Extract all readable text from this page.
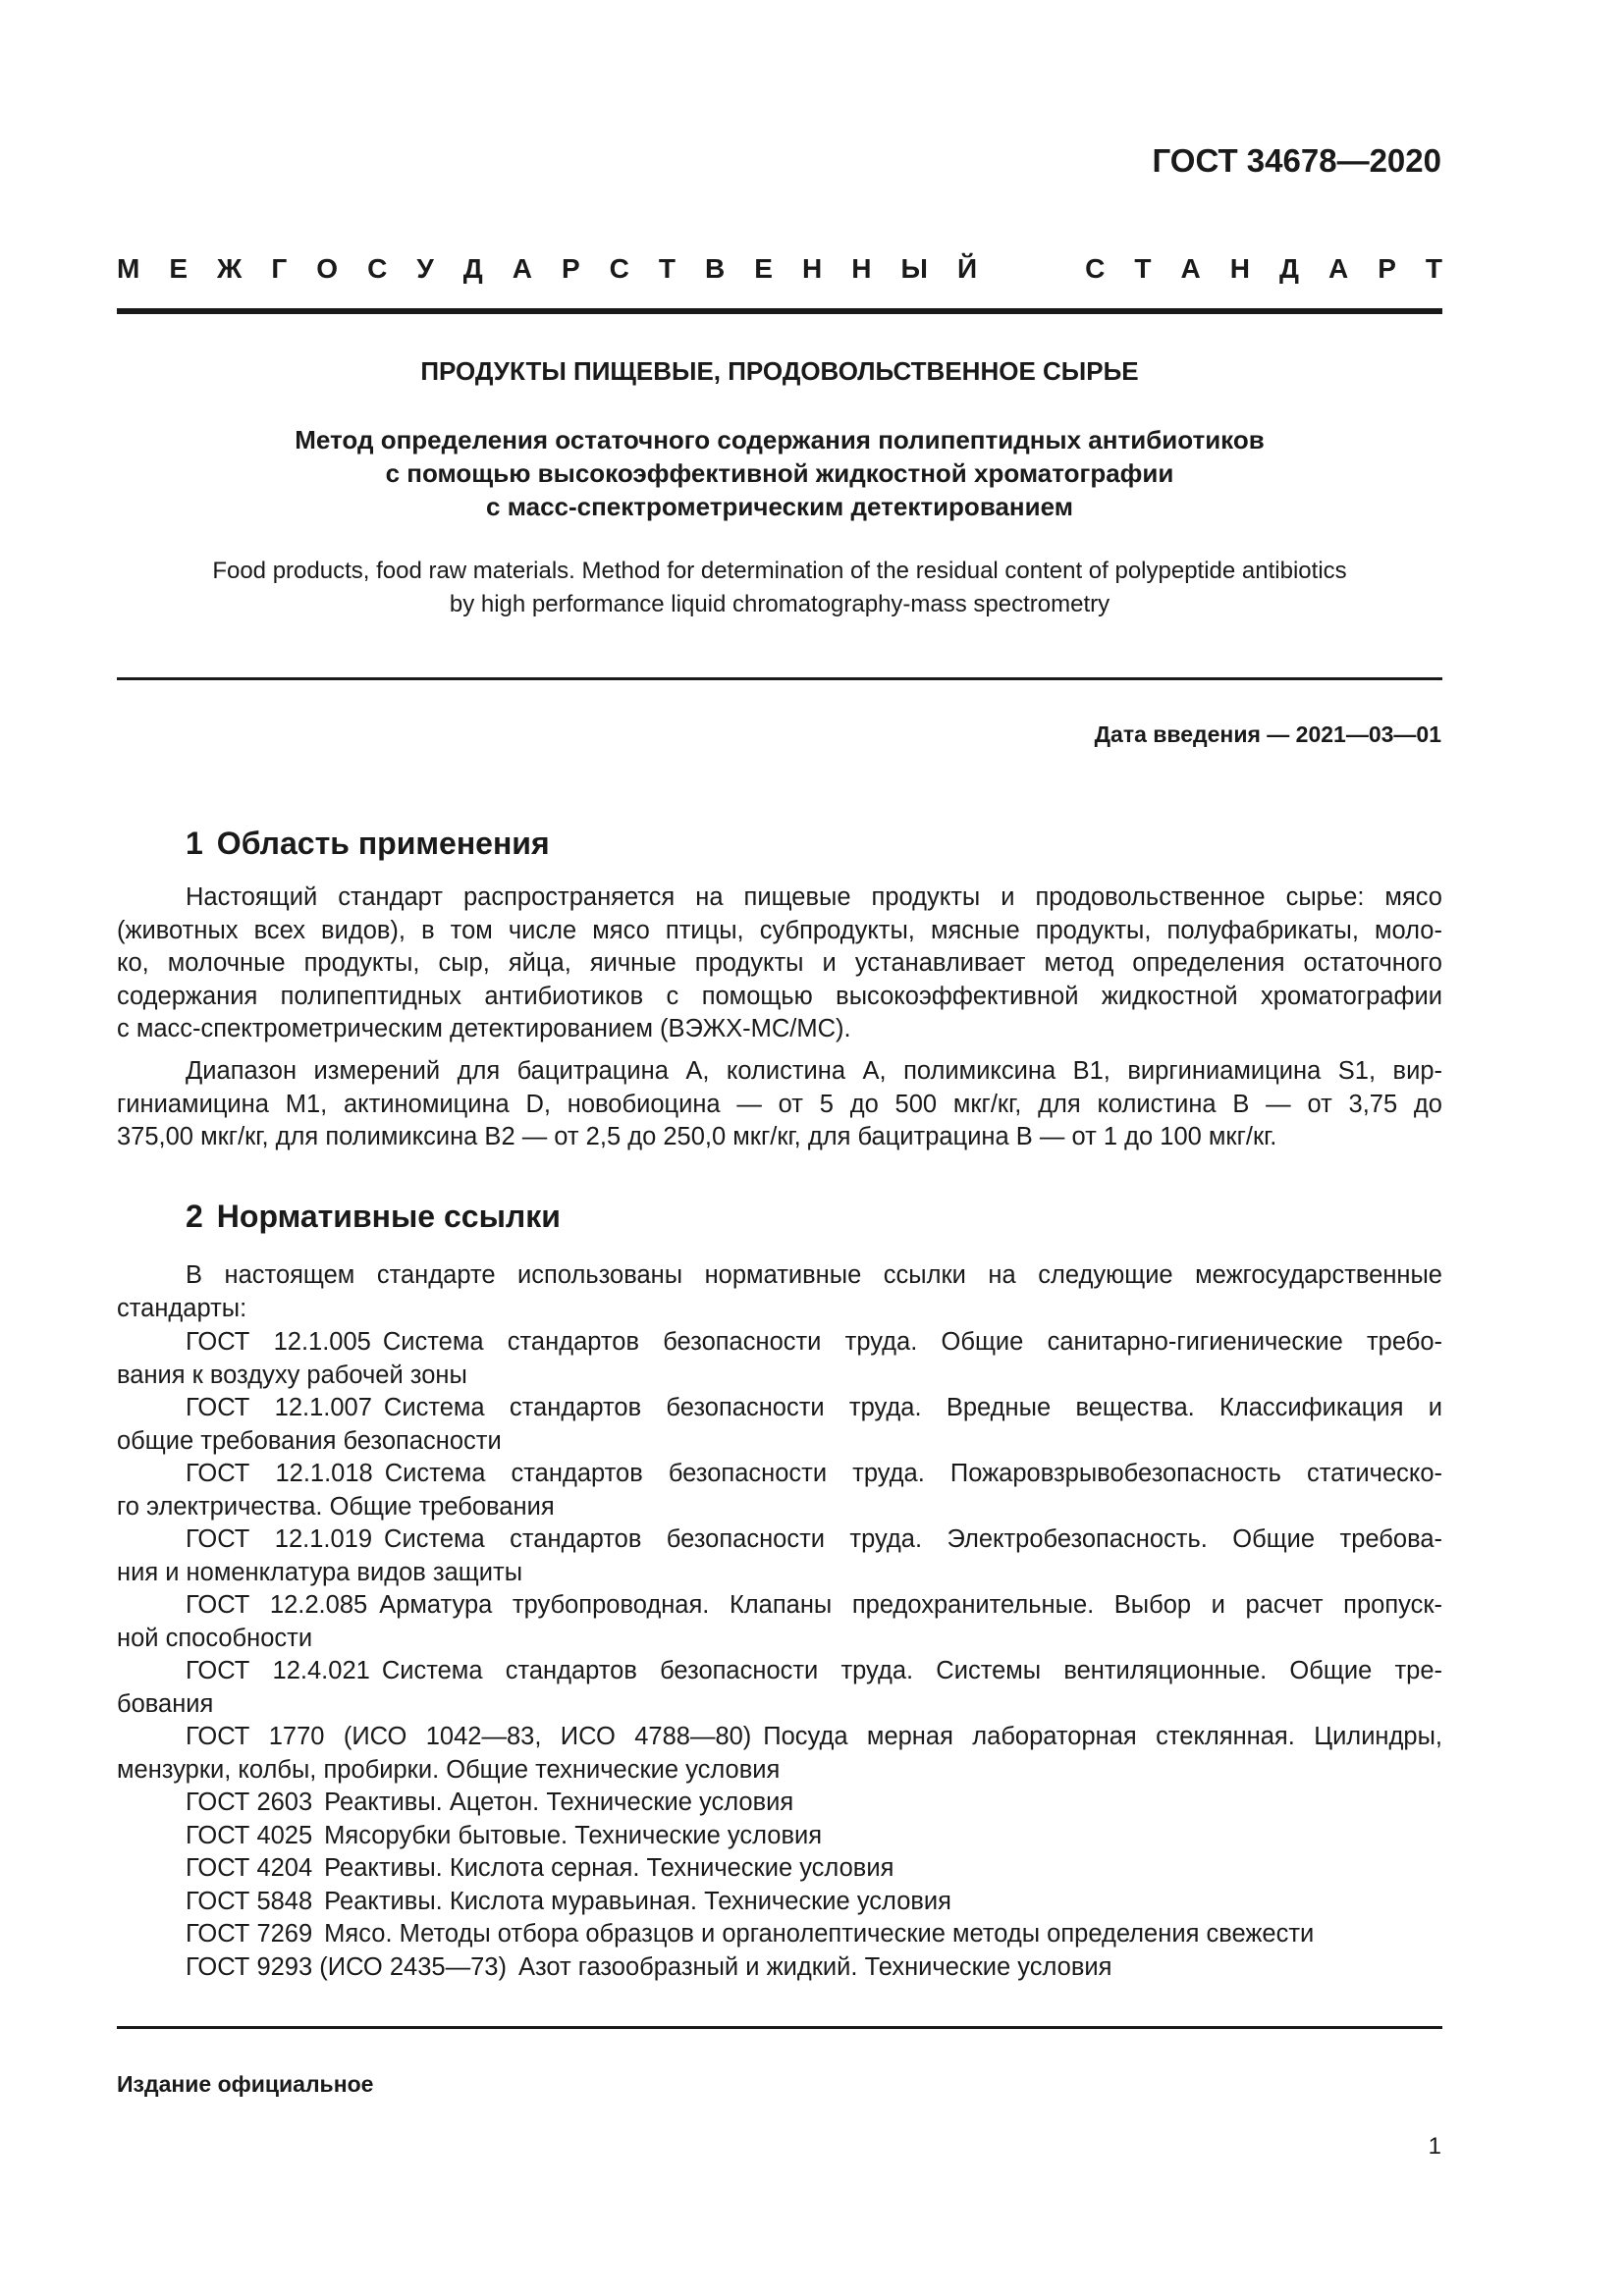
ГОСТ 34678—2020
М Е Ж Г О С У Д А Р С Т В Е Н Н Ы Й	С Т А Н Д А Р Т
ПРОДУКТЫ ПИЩЕВЫЕ, ПРОДОВОЛЬСТВЕННОЕ СЫРЬЕ
Метод определения остаточного содержания полипептидных антибиотиков
с помощью высокоэффективной жидкостной хроматографии
с масс-спектрометрическим детектированием
Food products, food raw materials. Method for determination of the residual content of polypeptide antibiotics
by high performance liquid chromatography-mass spectrometry
Дата введения — 2021—03—01
1 Область применения
Настоящий стандарт распространяется на пищевые продукты и продовольственное сырье: мясо
(животных всех видов), в том числе мясо птицы, субпродукты, мясные продукты, полуфабрикаты, моло-
ко, молочные продукты, сыр, яйца, яичные продукты и устанавливает метод определения остаточного
содержания полипептидных антибиотиков с помощью высокоэффективной жидкостной хроматографии
с масс-спектрометрическим детектированием (ВЭЖХ-МС/МС).
Диапазон измерений для бацитрацина А, колистина А, полимиксина В1, виргиниамицина S1, вир-
гиниамицина M1, актиномицина D, новобиоцина — от 5 до 500 мкг/кг, для колистина В — от 3,75 до
375,00 мкг/кг, для полимиксина В2 — от 2,5 до 250,0 мкг/кг, для бацитрацина В — от 1 до 100 мкг/кг.
2 Нормативные ссылки
В настоящем стандарте использованы нормативные ссылки на следующие межгосударственные
стандарты:
ГОСТ 12.1.005 Система стандартов безопасности труда. Общие санитарно-гигиенические требо-
вания к воздуху рабочей зоны
ГОСТ 12.1.007 Система стандартов безопасности труда. Вредные вещества. Классификация и
общие требования безопасности
ГОСТ 12.1.018 Система стандартов безопасности труда. Пожаровзрывобезопасность статическо-
го электричества. Общие требования
ГОСТ 12.1.019 Система стандартов безопасности труда. Электробезопасность. Общие требова-
ния и номенклатура видов защиты
ГОСТ 12.2.085 Арматура трубопроводная. Клапаны предохранительные. Выбор и расчет пропуск-
ной способности
ГОСТ 12.4.021 Система стандартов безопасности труда. Системы вентиляционные. Общие тре-
бования
ГОСТ 1770 (ИСО 1042—83, ИСО 4788—80) Посуда мерная лабораторная стеклянная. Цилиндры,
мензурки, колбы, пробирки. Общие технические условия
ГОСТ 2603 Реактивы. Ацетон. Технические условия
ГОСТ 4025 Мясорубки бытовые. Технические условия
ГОСТ 4204 Реактивы. Кислота серная. Технические условия
ГОСТ 5848 Реактивы. Кислота муравьиная. Технические условия
ГОСТ 7269 Мясо. Методы отбора образцов и органолептические методы определения свежести
ГОСТ 9293 (ИСО 2435—73) Азот газообразный и жидкий. Технические условия
Издание официальное
1
